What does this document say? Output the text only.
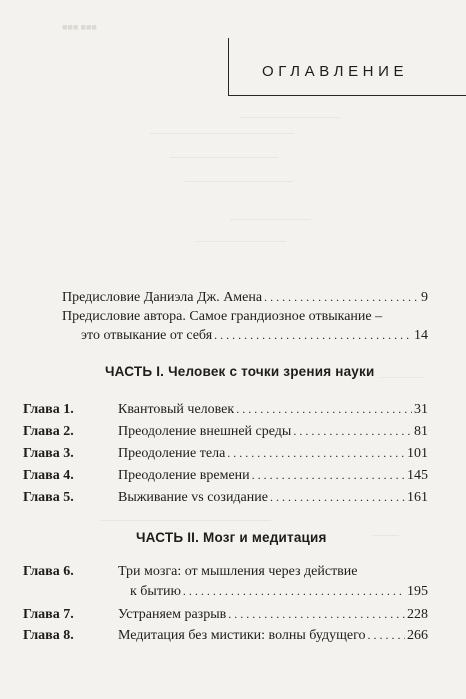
■■■ ■■■
———————————
————————————————
————————————
————————————
—————————
——————————
—————
———————————————————
———
ОГЛАВЛЕНИЕ
Предисловие Даниэла Дж. Амена . . .	9
Предисловие автора. Самое грандиозное отвыкание –
это отвыкание от себя . . .	14
ЧАСТЬ I. Человек с точки зрения науки
Глава 1.	Квантовый человек . . .	31
Глава 2.	Преодоление внешней среды . . .	81
Глава 3.	Преодоление тела . . .	101
Глава 4.	Преодоление времени . . .	145
Глава 5.	Выживание vs созидание . . .	161
ЧАСТЬ II. Мозг и медитация
Глава 6.	Три мозга: от мышления через действие
к бытию . . .	195
Глава 7.	Устраняем разрыв . . .	228
Глава 8.	Медитация без мистики: волны будущего . . .	266
